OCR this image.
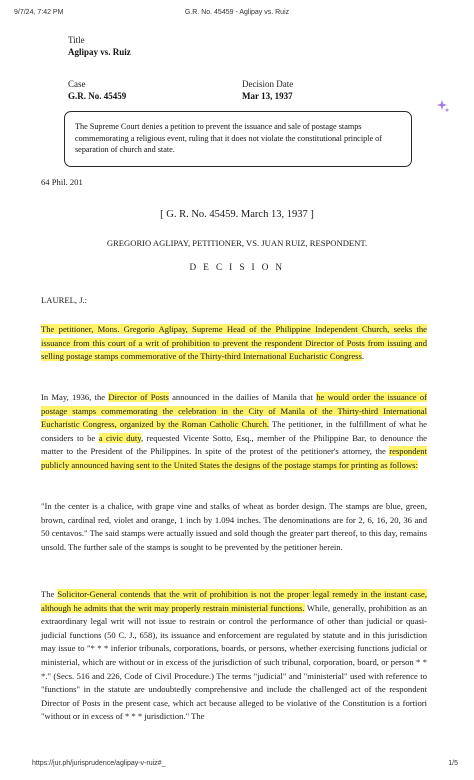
9/7/24, 7:42 PM	G.R. No. 45459 - Aglipay vs. Ruiz
Title
Aglipay vs. Ruiz
Case
G.R. No. 45459
Decision Date
Mar 13, 1937
The Supreme Court denies a petition to prevent the issuance and sale of postage stamps commemorating a religious event, ruling that it does not violate the constitutional principle of separation of church and state.
64 Phil. 201
[ G. R. No. 45459. March 13, 1937 ]
GREGORIO AGLIPAY, PETITIONER, VS. JUAN RUIZ, RESPONDENT.
D E C I S I O N
LAUREL, J.:

The petitioner, Mons. Gregorio Aglipay, Supreme Head of the Philippine Independent Church, seeks the issuance from this court of a writ of prohibition to prevent the respondent Director of Posts from issuing and selling postage stamps commemorative of the Thirty-third International Eucharistic Congress.

In May, 1936, the Director of Posts announced in the dailies of Manila that he would order the issuance of postage stamps commemorating the celebration in the City of Manila of the Thirty-third International Eucharistic Congress, organized by the Roman Catholic Church. The petitioner, in the fulfillment of what he considers to be a civic duty, requested Vicente Sotto, Esq., member of the Philippine Bar, to denounce the matter to the President of the Philippines. In spite of the protest of the petitioner's attorney, the respondent publicly announced having sent to the United States the designs of the postage stamps for printing as follows:

"In the center is a chalice, with grape vine and stalks of wheat as border design. The stamps are blue, green, brown, cardinal red, violet and orange, 1 inch by 1.094 inches. The denominations are for 2, 6, 16, 20, 36 and 50 centavos." The said stamps were actually issued and sold though the greater part thereof, to this day, remains unsold. The further sale of the stamps is sought to be prevented by the petitioner herein.

The Solicitor-General contends that the writ of prohibition is not the proper legal remedy in the instant case, although he admits that the writ may properly restrain ministerial functions. While, generally, prohibition as an extraordinary legal writ will not issue to restrain or control the performance of other than judicial or quasi-judicial functions (50 C. J., 658), its issuance and enforcement are regulated by statute and in this jurisdiction may issue to "* * * inferior tribunals, corporations, boards, or persons, whether exercising functions judicial or ministerial, which are without or in excess of the jurisdiction of such tribunal, corporation, board, or person * * *." (Secs. 516 and 226, Code of Civil Procedure.) The terms "judicial" and "ministerial" used with reference to "functions" in the statute are undoubtedly comprehensive and include the challenged act of the respondent Director of Posts in the present case, which act because alleged to be violative of the Constitution is a fortiori "without or in excess of * * * jurisdiction." The

https://jur.ph/jurisprudence/aglipay-v-ruiz#_	1/5
